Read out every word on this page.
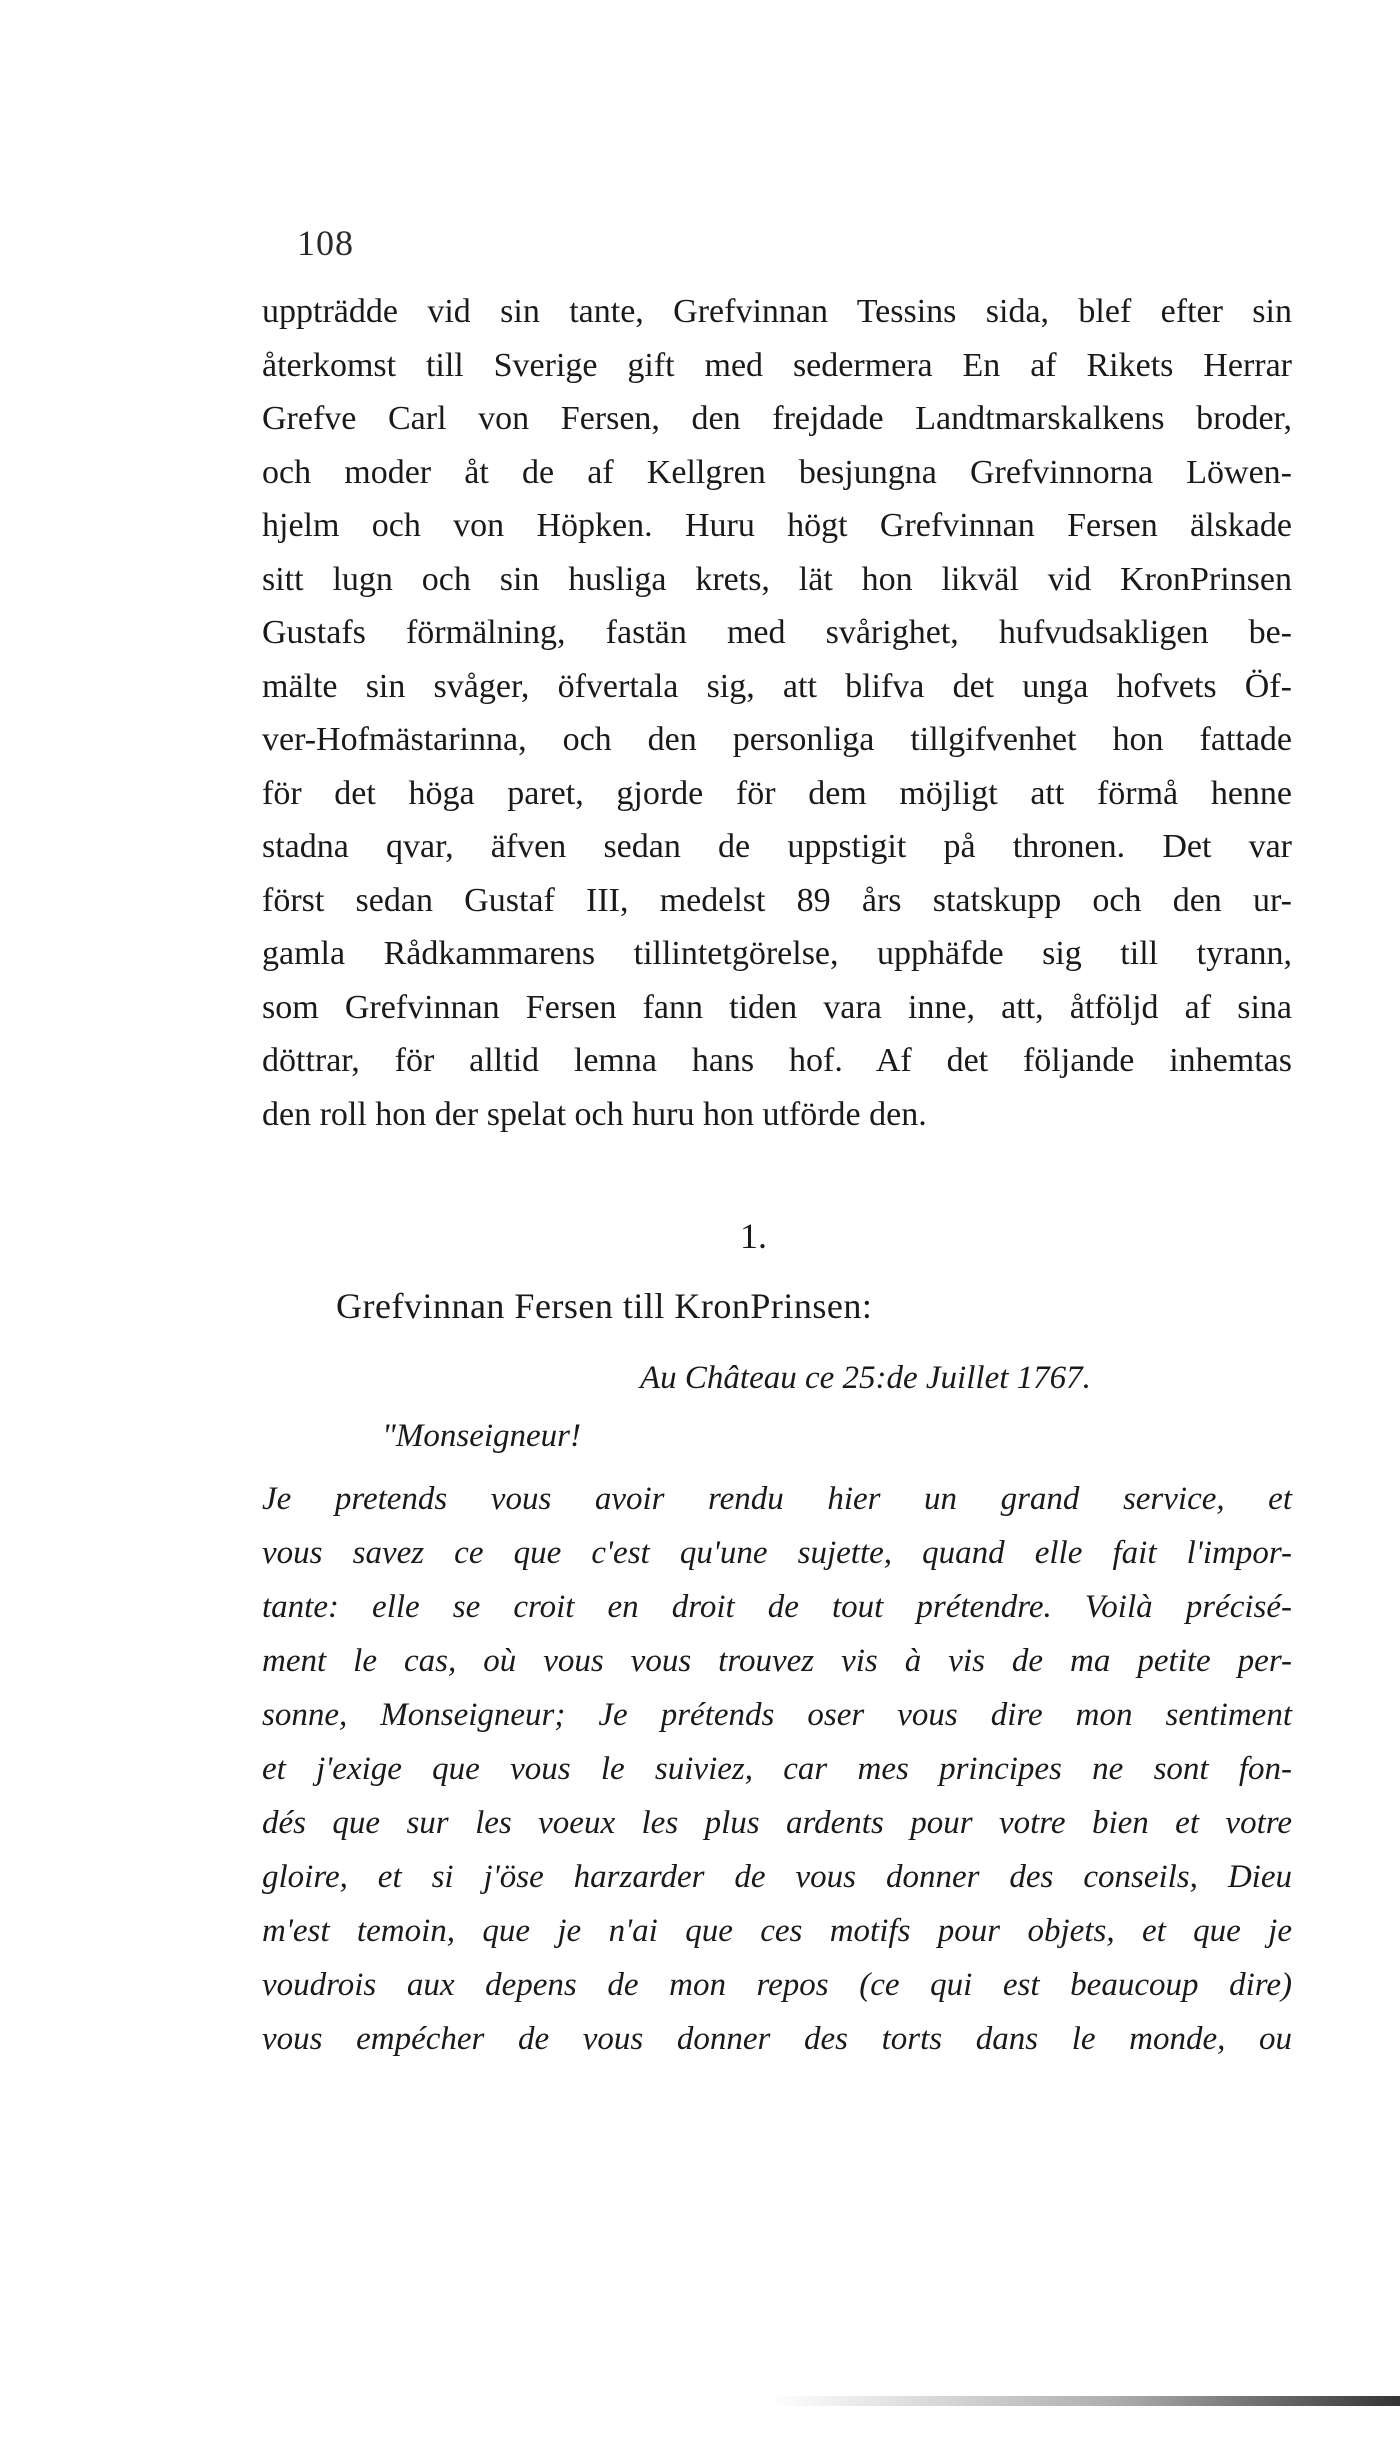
108
uppträdde vid sin tante, Grefvinnan Tessins sida, blef efter sin
återkomst till Sverige gift med sedermera En af Rikets Herrar
Grefve Carl von Fersen, den frejdade Landtmarskalkens broder,
och moder åt de af Kellgren besjungna Grefvinnorna Löwen-
hjelm och von Höpken. Huru högt Grefvinnan Fersen älskade
sitt lugn och sin husliga krets, lät hon likväl vid KronPrinsen
Gustafs förmälning, fastän med svårighet, hufvudsakligen be-
mälte sin svåger, öfvertala sig, att blifva det unga hofvets Öf-
ver-Hofmästarinna, och den personliga tillgifvenhet hon fattade
för det höga paret, gjorde för dem möjligt att förmå henne
stadna qvar, äfven sedan de uppstigit på thronen. Det var
först sedan Gustaf III, medelst 89 års statskupp och den ur-
gamla Rådkammarens tillintetgörelse, upphäfde sig till tyrann,
som Grefvinnan Fersen fann tiden vara inne, att, åtföljd af sina
döttrar, för alltid lemna hans hof. Af det följande inhemtas
den roll hon der spelat och huru hon utförde den.
1.
Grefvinnan Fersen till KronPrinsen:
Au Château ce 25:de Juillet 1767.
"Monseigneur!
Je pretends vous avoir rendu hier un grand service, et
vous savez ce que c'est qu'une sujette, quand elle fait l'impor-
tante: elle se croit en droit de tout prétendre. Voilà précisé-
ment le cas, où vous vous trouvez vis à vis de ma petite per-
sonne, Monseigneur; Je prétends oser vous dire mon sentiment
et j'exige que vous le suiviez, car mes principes ne sont fon-
dés que sur les voeux les plus ardents pour votre bien et votre
gloire, et si j'öse harzarder de vous donner des conseils, Dieu
m'est temoin, que je n'ai que ces motifs pour objets, et que je
voudrois aux depens de mon repos (ce qui est beaucoup dire)
vous empécher de vous donner des torts dans le monde, ou
